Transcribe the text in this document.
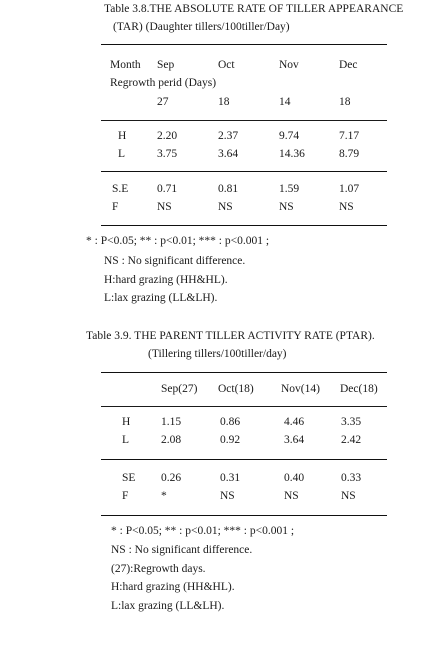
Table 3.8.THE ABSOLUTE RATE OF TILLER APPEARANCE
(TAR) (Daughter tillers/100tiller/Day)
Month Sep	Oct	Nov	Dec
Regrowth perid (Days)
27	18	14	18
H	2.20	2.37	9.74	7.17
L	3.75	3.64	14.36	8.79
S.E 0.71	0.81	1.59	1.07
F	NS	NS	NS	NS
* : P<0.05; ** : p<0.01; *** : p<0.001 ;
NS : No significant difference.
H:hard grazing (HH&HL).
L:lax grazing (LL&LH).
Table 3.9. THE PARENT TILLER ACTIVITY RATE (PTAR).
(Tillering tillers/100tiller/day)
Sep(27) Oct(18) Nov(14) Dec(18)
H	1.15	0.86	4.46	3.35
L	2.08	0.92	3.64	2.42
SE 0.26	0.31	0.40	0.33
F	*	NS	NS	NS
* : P<0.05; ** : p<0.01; *** : p<0.001 ;
NS : No significant difference.
(27):Regrowth days.
H:hard grazing (HH&HL).
L:lax grazing (LL&LH).
